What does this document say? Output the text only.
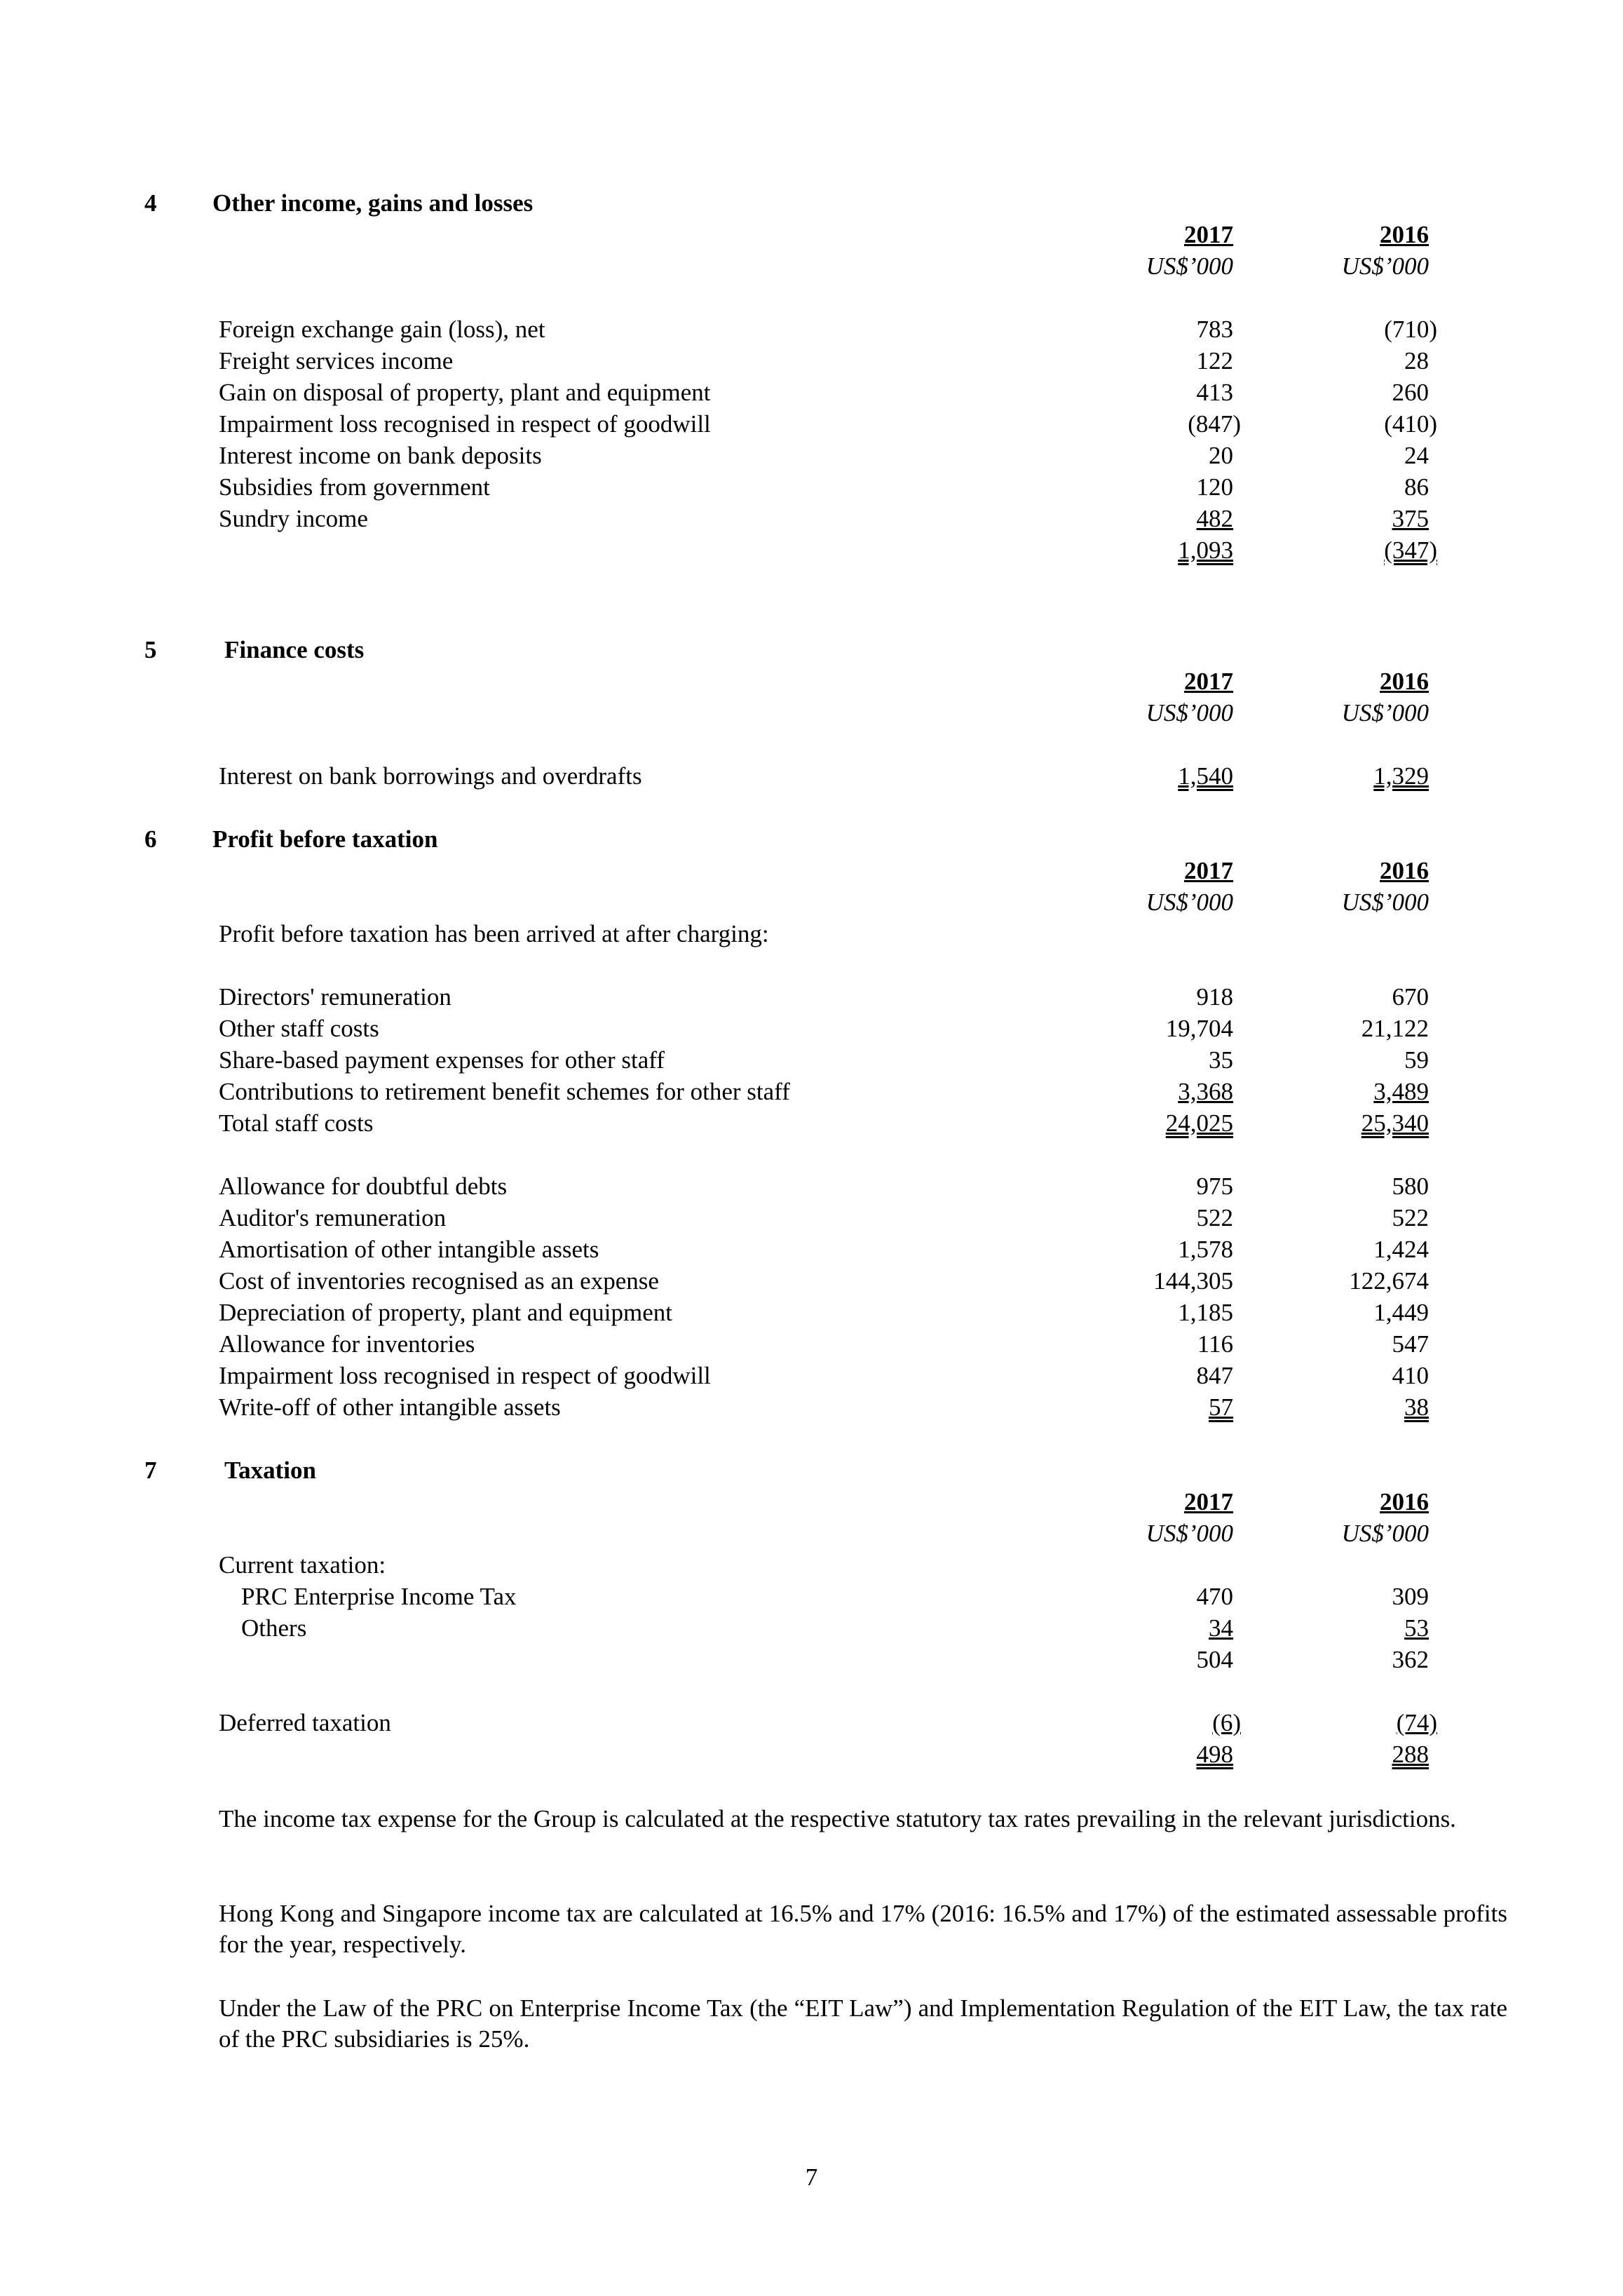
4 Other income, gains and losses
2017	2016
US$’000	US$’000
Foreign exchange gain (loss), net	783	(710)
Freight services income	122	28
Gain on disposal of property, plant and equipment	413	260
Impairment loss recognised in respect of goodwill	(847)	(410)
Interest income on bank deposits	20	24
Subsidies from government	120	86
Sundry income	482	375
1,093	(347)
5	Finance costs
2017	2016
US$’000	US$’000
Interest on bank borrowings and overdrafts	1,540	1,329
6 Profit before taxation
2017	2016
US$’000	US$’000
Profit before taxation has been arrived at after charging:
Directors' remuneration	918	670
Other staff costs	19,704	21,122
Share-based payment expenses for other staff	35	59
Contributions to retirement benefit schemes for other staff	3,368	3,489
Total staff costs	24,025	25,340
Allowance for doubtful debts	975	580
Auditor's remuneration	522	522
Amortisation of other intangible assets	1,578	1,424
Cost of inventories recognised as an expense	144,305	122,674
Depreciation of property, plant and equipment	1,185	1,449
Allowance for inventories	116	547
Impairment loss recognised in respect of goodwill	847	410
Write-off of other intangible assets	57	38
7	Taxation
2017	2016
US$’000	US$’000
Current taxation:
PRC Enterprise Income Tax	470	309
Others	34	53
504	362
Deferred taxation	(6)	(74)
498	288
The income tax expense for the Group is calculated at the respective statutory tax rates prevailing in the relevant jurisdictions.
Hong Kong and Singapore income tax are calculated at 16.5% and 17% (2016: 16.5% and 17%) of the estimated assessable profits for the year, respectively.
Under the Law of the PRC on Enterprise Income Tax (the “EIT Law”) and Implementation Regulation of the EIT Law, the tax rate of the PRC subsidiaries is 25%.
7
